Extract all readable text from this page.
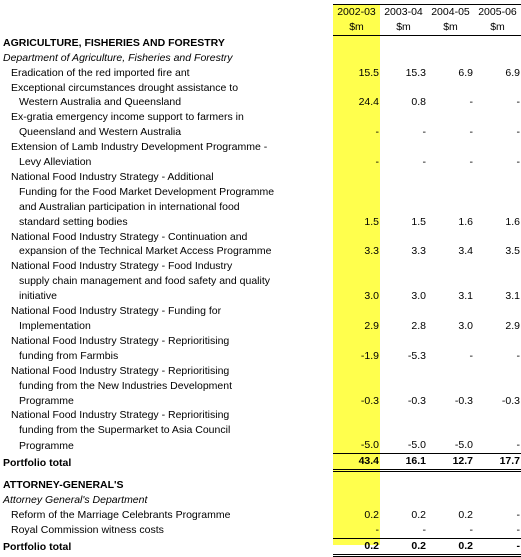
	2002-03	2003-04	2004-05	2005-06
	$m	$m	$m	$m
AGRICULTURE, FISHERIES AND FORESTRY				
Department of Agriculture, Fisheries and Forestry				
Eradication of the red imported fire ant	15.5	15.3	6.9	6.9
Exceptional circumstances drought assistance to				
Western Australia and Queensland	24.4	0.8	-	-
Ex-gratia emergency income support to farmers in				
Queensland and Western Australia	-	-	-	-
Extension of Lamb Industry Development Programme -				
Levy Alleviation	-	-	-	-
National Food Industry Strategy - Additional				
Funding for the Food Market Development Programme				
and Australian participation in international food				
standard setting bodies	1.5	1.5	1.6	1.6
National Food Industry Strategy - Continuation and				
expansion of the Technical Market Access Programme	3.3	3.3	3.4	3.5
National Food Industry Strategy - Food Industry				
supply chain management and food safety and quality				
initiative	3.0	3.0	3.1	3.1
National Food Industry Strategy - Funding for				
Implementation	2.9	2.8	3.0	2.9
National Food Industry Strategy - Reprioritising				
funding from Farmbis	-1.9	-5.3	-	-
National Food Industry Strategy - Reprioritising				
funding from the New Industries Development				
Programme	-0.3	-0.3	-0.3	-0.3
National Food Industry Strategy - Reprioritising				
funding from the Supermarket to Asia Council				
Programme	-5.0	-5.0	-5.0	-
Portfolio total	43.4	16.1	12.7	17.7

ATTORNEY-GENERAL'S				
Attorney General's Department				
Reform of the Marriage Celebrants Programme	0.2	0.2	0.2	-
Royal Commission witness costs	-	-	-	-
Portfolio total	0.2	0.2	0.2	-
